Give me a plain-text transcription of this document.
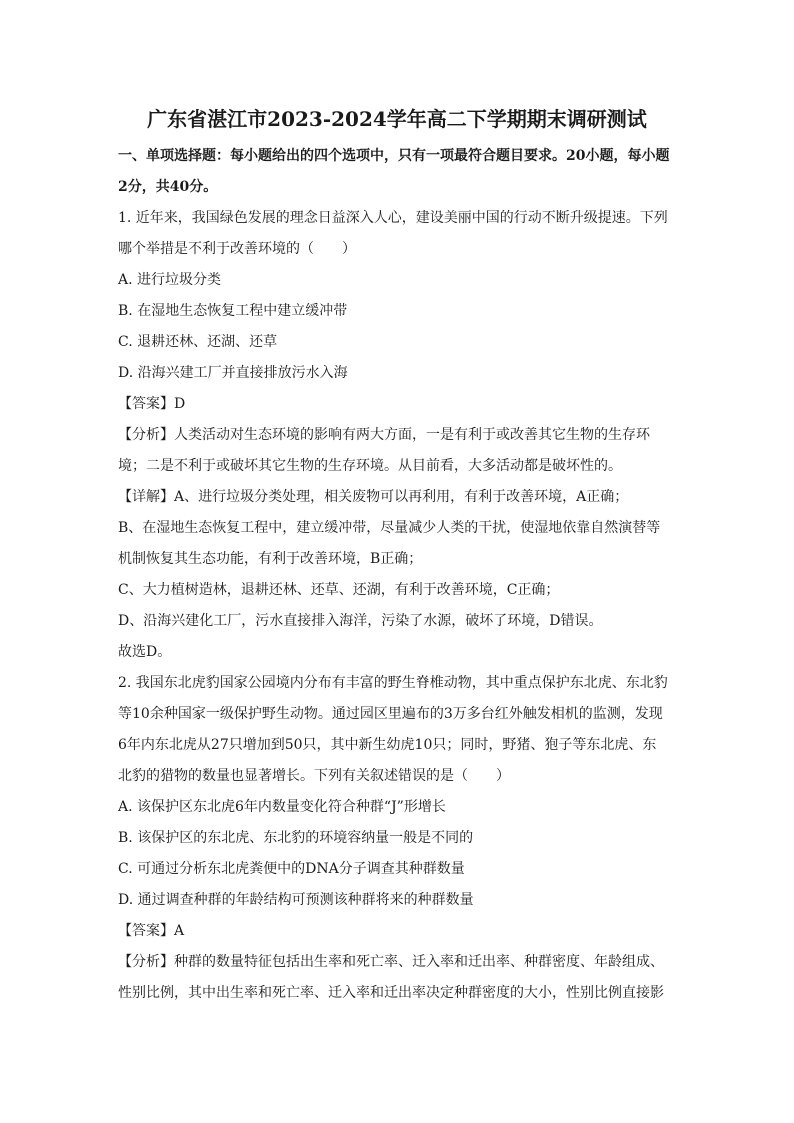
广东省湛江市2023-2024学年高二下学期期末调研测试
一、单项选择题：每小题给出的四个选项中，只有一项最符合题目要求。20小题，每小题
2分，共40分。
1. 近年来，我国绿色发展的理念日益深入人心，建设美丽中国的行动不断升级提速。下列
哪个举措是不利于改善环境的（　　）
A. 进行垃圾分类
B. 在湿地生态恢复工程中建立缓冲带
C. 退耕还林、还湖、还草
D. 沿海兴建工厂并直接排放污水入海
【答案】D
【分析】人类活动对生态环境的影响有两大方面，一是有利于或改善其它生物的生存环
境；二是不利于或破坏其它生物的生存环境。从目前看，大多活动都是破坏性的。
【详解】A、进行垃圾分类处理，相关废物可以再利用，有利于改善环境，A正确；
B、在湿地生态恢复工程中，建立缓冲带，尽量减少人类的干扰，使湿地依靠自然演替等
机制恢复其生态功能，有利于改善环境，B正确；
C、大力植树造林，退耕还林、还草、还湖，有利于改善环境，C正确；
D、沿海兴建化工厂，污水直接排入海洋，污染了水源，破坏了环境，D错误。
故选D。
2. 我国东北虎豹国家公园境内分布有丰富的野生脊椎动物，其中重点保护东北虎、东北豹
等10余种国家一级保护野生动物。通过园区里遍布的3万多台红外触发相机的监测，发现
6年内东北虎从27只增加到50只，其中新生幼虎10只；同时，野猪、狍子等东北虎、东
北豹的猎物的数量也显著增长。下列有关叙述错误的是（　　）
A. 该保护区东北虎6年内数量变化符合种群“J”形增长
B. 该保护区的东北虎、东北豹的环境容纳量一般是不同的
C. 可通过分析东北虎粪便中的DNA分子调查其种群数量
D. 通过调查种群的年龄结构可预测该种群将来的种群数量
【答案】A
【分析】种群的数量特征包括出生率和死亡率、迁入率和迁出率、种群密度、年龄组成、
性别比例，其中出生率和死亡率、迁入率和迁出率决定种群密度的大小，性别比例直接影
